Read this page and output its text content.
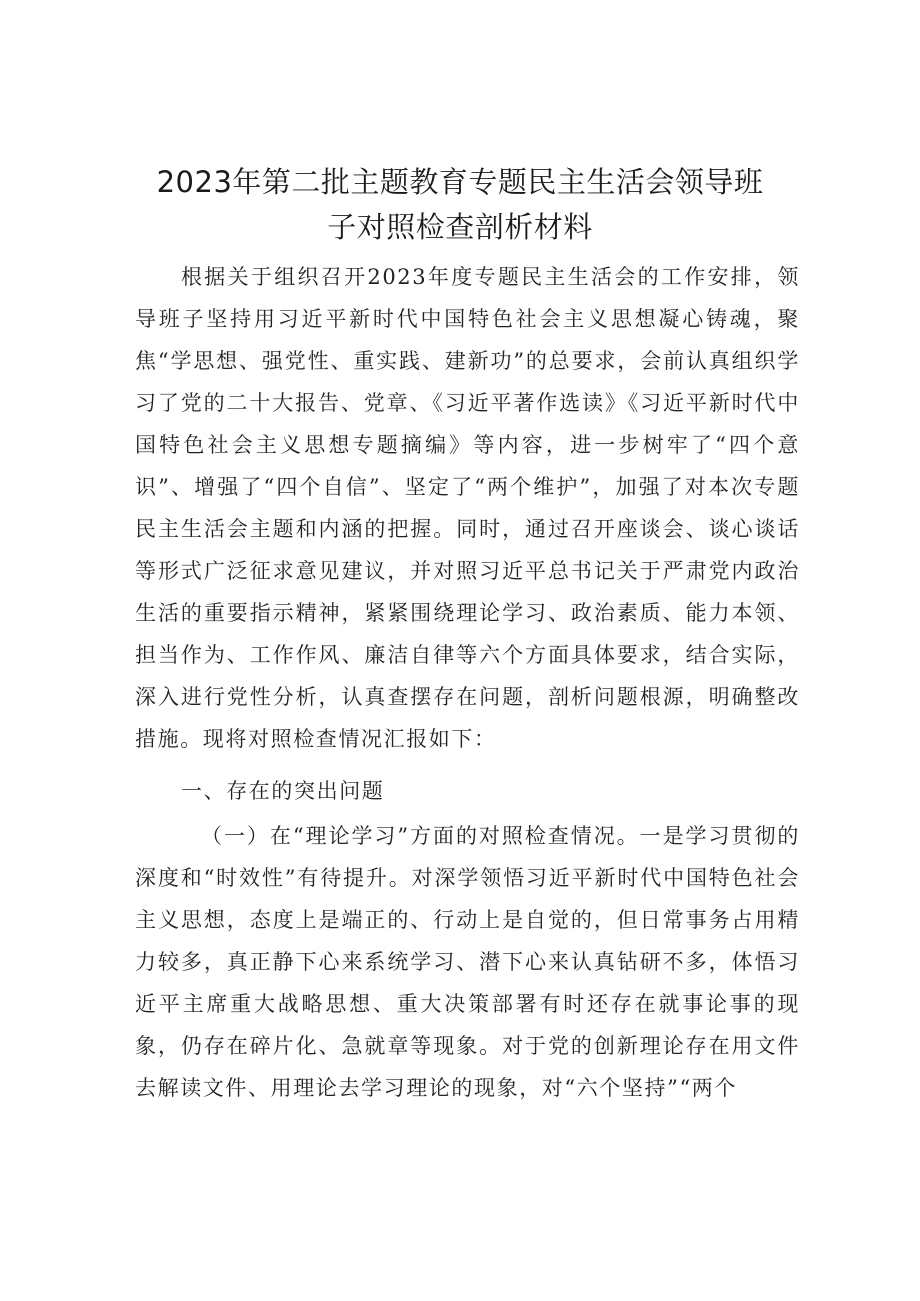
2023年第二批主题教育专题民主生活会领导班
子对照检查剖析材料

根据关于组织召开2023年度专题民主生活会的工作安排，领导班子坚持用习近平新时代中国特色社会主义思想凝心铸魂，聚焦“学思想、强党性、重实践、建新功”的总要求，会前认真组织学习了党的二十大报告、党章、《习近平著作选读》《习近平新时代中国特色社会主义思想专题摘编》等内容，进一步树牢了“四个意识”、增强了“四个自信”、坚定了“两个维护”，加强了对本次专题民主生活会主题和内涵的把握。同时，通过召开座谈会、谈心谈话等形式广泛征求意见建议，并对照习近平总书记关于严肃党内政治生活的重要指示精神，紧紧围绕理论学习、政治素质、能力本领、担当作为、工作作风、廉洁自律等六个方面具体要求，结合实际，深入进行党性分析，认真查摆存在问题，剖析问题根源，明确整改措施。现将对照检查情况汇报如下：

一、存在的突出问题

（一）在“理论学习”方面的对照检查情况。一是学习贯彻的深度和“时效性”有待提升。对深学领悟习近平新时代中国特色社会主义思想，态度上是端正的、行动上是自觉的，但日常事务占用精力较多，真正静下心来系统学习、潜下心来认真钻研不多，体悟习近平主席重大战略思想、重大决策部署有时还存在就事论事的现象，仍存在碎片化、急就章等现象。对于党的创新理论存在用文件去解读文件、用理论去学习理论的现象，对“六个坚持”“两个
